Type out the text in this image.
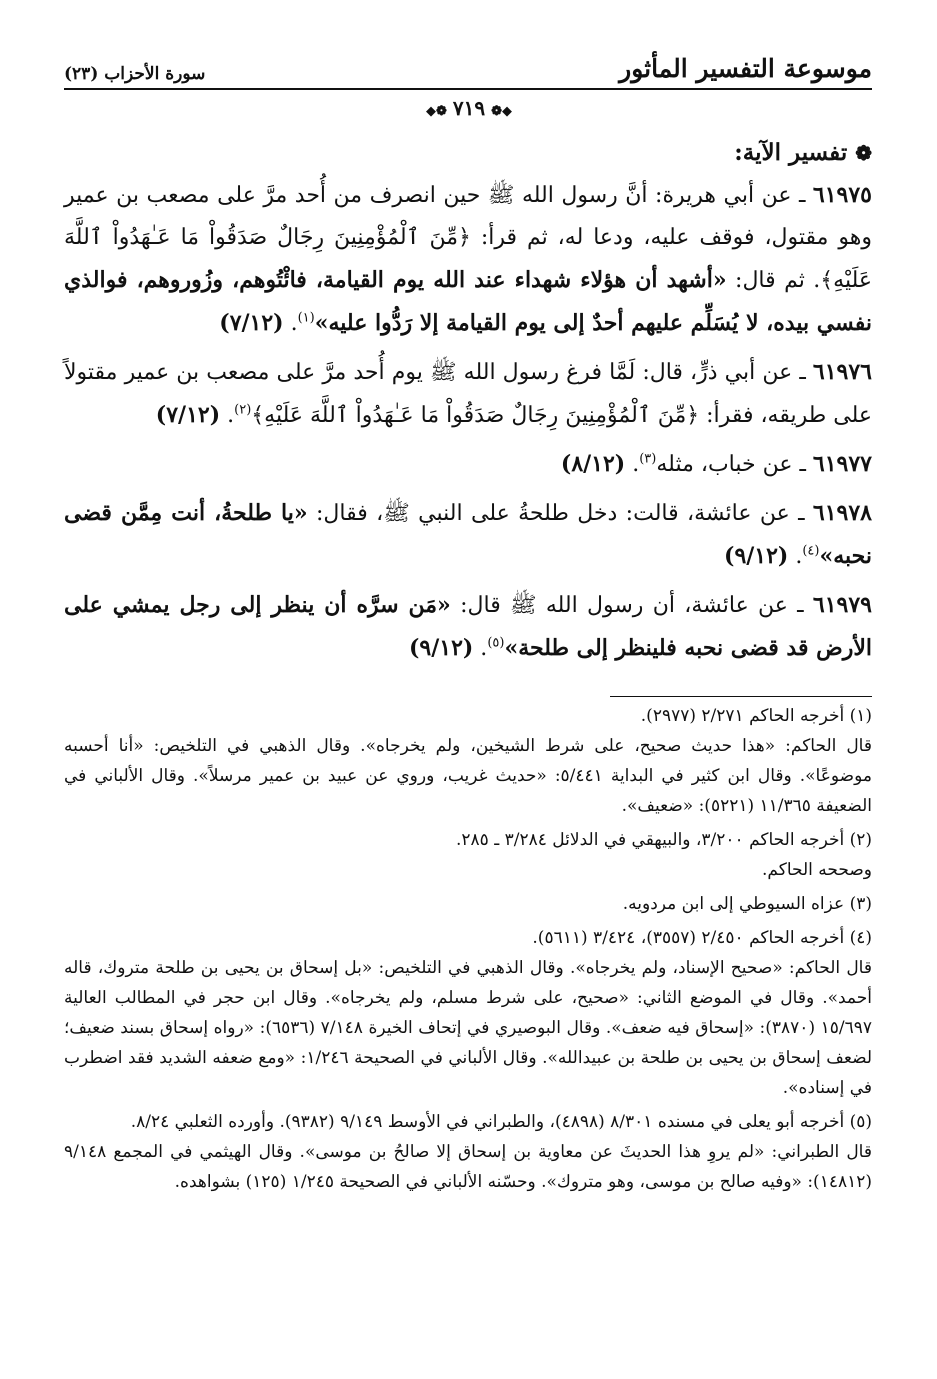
موسوعة التفسير المأثور
سورة الأحزاب (٢٣)
◆❁ ٧١٩ ❁◆
❁تفسير الآية:

٦١٩٧٥ ـ عن أبي هريرة: أنَّ رسول الله ﷺ حين انصرف من أُحد مرَّ على مصعب بن عمير وهو مقتول، فوقف عليه، ودعا له، ثم قرأ: ﴿مِّنَ ٱلْمُؤْمِنِينَ رِجَالٌ صَدَقُواْ مَا عَـٰهَدُواْ ٱللَّهَ عَلَيْهِ﴾. ثم قال: «أشهد أن هؤلاء شهداء عند الله يوم القيامة، فائْتُوهم، وزُوروهم، فوالذي نفسي بيده، لا يُسَلِّم عليهم أحدٌ إلى يوم القيامة إلا رَدُّوا عليه»$^{(١)}$. (٧/١٢)

٦١٩٧٦ ـ عن أبي ذرٍّ، قال: لَمَّا فرغ رسول الله ﷺ يوم أُحد مرَّ على مصعب بن عمير مقتولاً على طريقه، فقرأ: ﴿مِّنَ ٱلْمُؤْمِنِينَ رِجَالٌ صَدَقُواْ مَا عَـٰهَدُواْ ٱللَّهَ عَلَيْهِ﴾$^{(٢)}$. (٧/١٢)

٦١٩٧٧ ـ عن خباب، مثله$^{(٣)}$. (٨/١٢)

٦١٩٧٨ ـ عن عائشة، قالت: دخل طلحةُ على النبي ﷺ، فقال: «يا طلحةُ، أنت مِمَّن قضى نحبه»$^{(٤)}$. (٩/١٢)

٦١٩٧٩ ـ عن عائشة، أن رسول الله ﷺ قال: «مَن سرَّه أن ينظر إلى رجل يمشي على الأرض قد قضى نحبه فلينظر إلى طلحة»$^{(٥)}$. (٩/١٢)

(١) أخرجه الحاكم ٢/٢٧١ (٢٩٧٧).

قال الحاكم: «هذا حديث صحيح، على شرط الشيخين، ولم يخرجاه». وقال الذهبي في التلخيص: «أنا أحسبه موضوعًا». وقال ابن كثير في البداية ٥/٤٤١: «حديث غريب، وروي عن عبيد بن عمير مرسلاً». وقال الألباني في الضعيفة ١١/٣٦٥ (٥٢٢١): «ضعيف».

(٢) أخرجه الحاكم ٣/٢٠٠، والبيهقي في الدلائل ٣/٢٨٤ ـ ٢٨٥.

وصححه الحاكم.

(٣) عزاه السيوطي إلى ابن مردويه.

(٤) أخرجه الحاكم ٢/٤٥٠ (٣٥٥٧)، ٣/٤٢٤ (٥٦١١).

قال الحاكم: «صحيح الإسناد، ولم يخرجاه». وقال الذهبي في التلخيص: «بل إسحاق بن يحيى بن طلحة متروك، قاله أحمد». وقال في الموضع الثاني: «صحيح، على شرط مسلم، ولم يخرجاه». وقال ابن حجر في المطالب العالية ١٥/٦٩٧ (٣٨٧٠): «إسحاق فيه ضعف». وقال البوصيري في إتحاف الخيرة ٧/١٤٨ (٦٥٣٦): «رواه إسحاق بسند ضعيف؛ لضعف إسحاق بن يحيى بن طلحة بن عبيدالله». وقال الألباني في الصحيحة ١/٢٤٦: «ومع ضعفه الشديد فقد اضطرب في إسناده».

(٥) أخرجه أبو يعلى في مسنده ٨/٣٠١ (٤٨٩٨)، والطبراني في الأوسط ٩/١٤٩ (٩٣٨٢). وأورده الثعلبي ٨/٢٤.

قال الطبراني: «لم يروِ هذا الحديثَ عن معاوية بن إسحاق إلا صالحُ بن موسى». وقال الهيثمي في المجمع ٩/١٤٨ (١٤٨١٢): «وفيه صالح بن موسى، وهو متروك». وحسّنه الألباني في الصحيحة ١/٢٤٥ (١٢٥) بشواهده.
